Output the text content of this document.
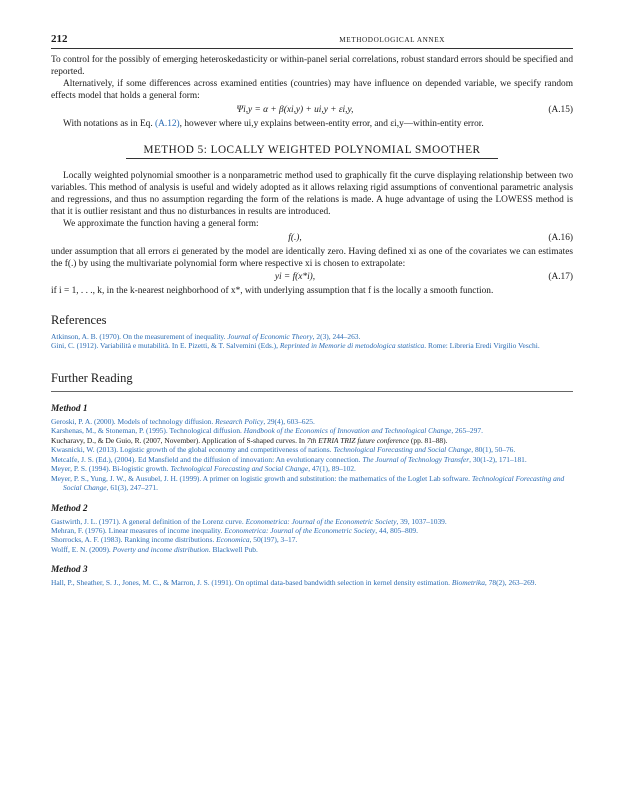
212	METHODOLOGICAL ANNEX

To control for the possibly of emerging heteroskedasticity or within-panel serial correlations, robust standard errors should be specified and reported.

Alternatively, if some differences across examined entities (countries) may have influence on depended variable, we specify random effects model that holds a general form:

Ψi,y = α + β(xi,y) + ui,y + εi,y,	(A.15)

With notations as in Eq. (A.12), however where ui,y explains between-entity error, and εi,y—within-entity error.

METHOD 5: LOCALLY WEIGHTED POLYNOMIAL SMOOTHER

Locally weighted polynomial smoother is a nonparametric method used to graphically fit the curve displaying relationship between two variables. This method of analysis is useful and widely adopted as it allows relaxing rigid assumptions of conventional parametric analysis and regressions, and thus no assumption regarding the form of the relations is made. A huge advantage of using the LOWESS method is that it is outlier resistant and thus no disturbances in results are introduced.

We approximate the function having a general form:

f(.),	(A.16)

under assumption that all errors εi generated by the model are identically zero. Having defined xi as one of the covariates we can estimates the f(.) by using the multivariate polynomial form where respective xi is chosen to extrapolate:

yi = f(x*i),	(A.17)

if i = 1, . . ., k, in the k-nearest neighborhood of x*, with underlying assumption that f is the locally a smooth function.

References
Atkinson, A. B. (1970). On the measurement of inequality. Journal of Economic Theory, 2(3), 244–263.
Gini, C. (1912). Variabilità e mutabilità. In E. Pizetti, & T. Salvemini (Eds.), Reprinted in Memorie di metodologica statistica. Rome: Libreria Eredi Virgilio Veschi.
Further Reading
Method 1
Geroski, P. A. (2000). Models of technology diffusion. Research Policy, 29(4), 603–625.
Karshenas, M., & Stoneman, P. (1995). Technological diffusion. Handbook of the Economics of Innovation and Technological Change, 265–297.
Kucharavy, D., & De Guio, R. (2007, November). Application of S-shaped curves. In 7th ETRIA TRIZ future conference (pp. 81–88).
Kwasnicki, W. (2013). Logistic growth of the global economy and competitiveness of nations. Technological Forecasting and Social Change, 80(1), 50–76.
Metcalfe, J. S. (Ed.), (2004). Ed Mansfield and the diffusion of innovation: An evolutionary connection. The Journal of Technology Transfer, 30(1-2), 171–181.
Meyer, P. S. (1994). Bi-logistic growth. Technological Forecasting and Social Change, 47(1), 89–102.
Meyer, P. S., Yung, J. W., & Ausubel, J. H. (1999). A primer on logistic growth and substitution: the mathematics of the Loglet Lab software. Technological Forecasting and Social Change, 61(3), 247–271.
Method 2
Gastwirth, J. L. (1971). A general definition of the Lorenz curve. Econometrica: Journal of the Econometric Society, 39, 1037–1039.
Mehran, F. (1976). Linear measures of income inequality. Econometrica: Journal of the Econometric Society, 44, 805–809.
Shorrocks, A. F. (1983). Ranking income distributions. Economica, 50(197), 3–17.
Wolff, E. N. (2009). Poverty and income distribution. Blackwell Pub.
Method 3
Hall, P., Sheather, S. J., Jones, M. C., & Marron, J. S. (1991). On optimal data-based bandwidth selection in kernel density estimation. Biometrika, 78(2), 263–269.
